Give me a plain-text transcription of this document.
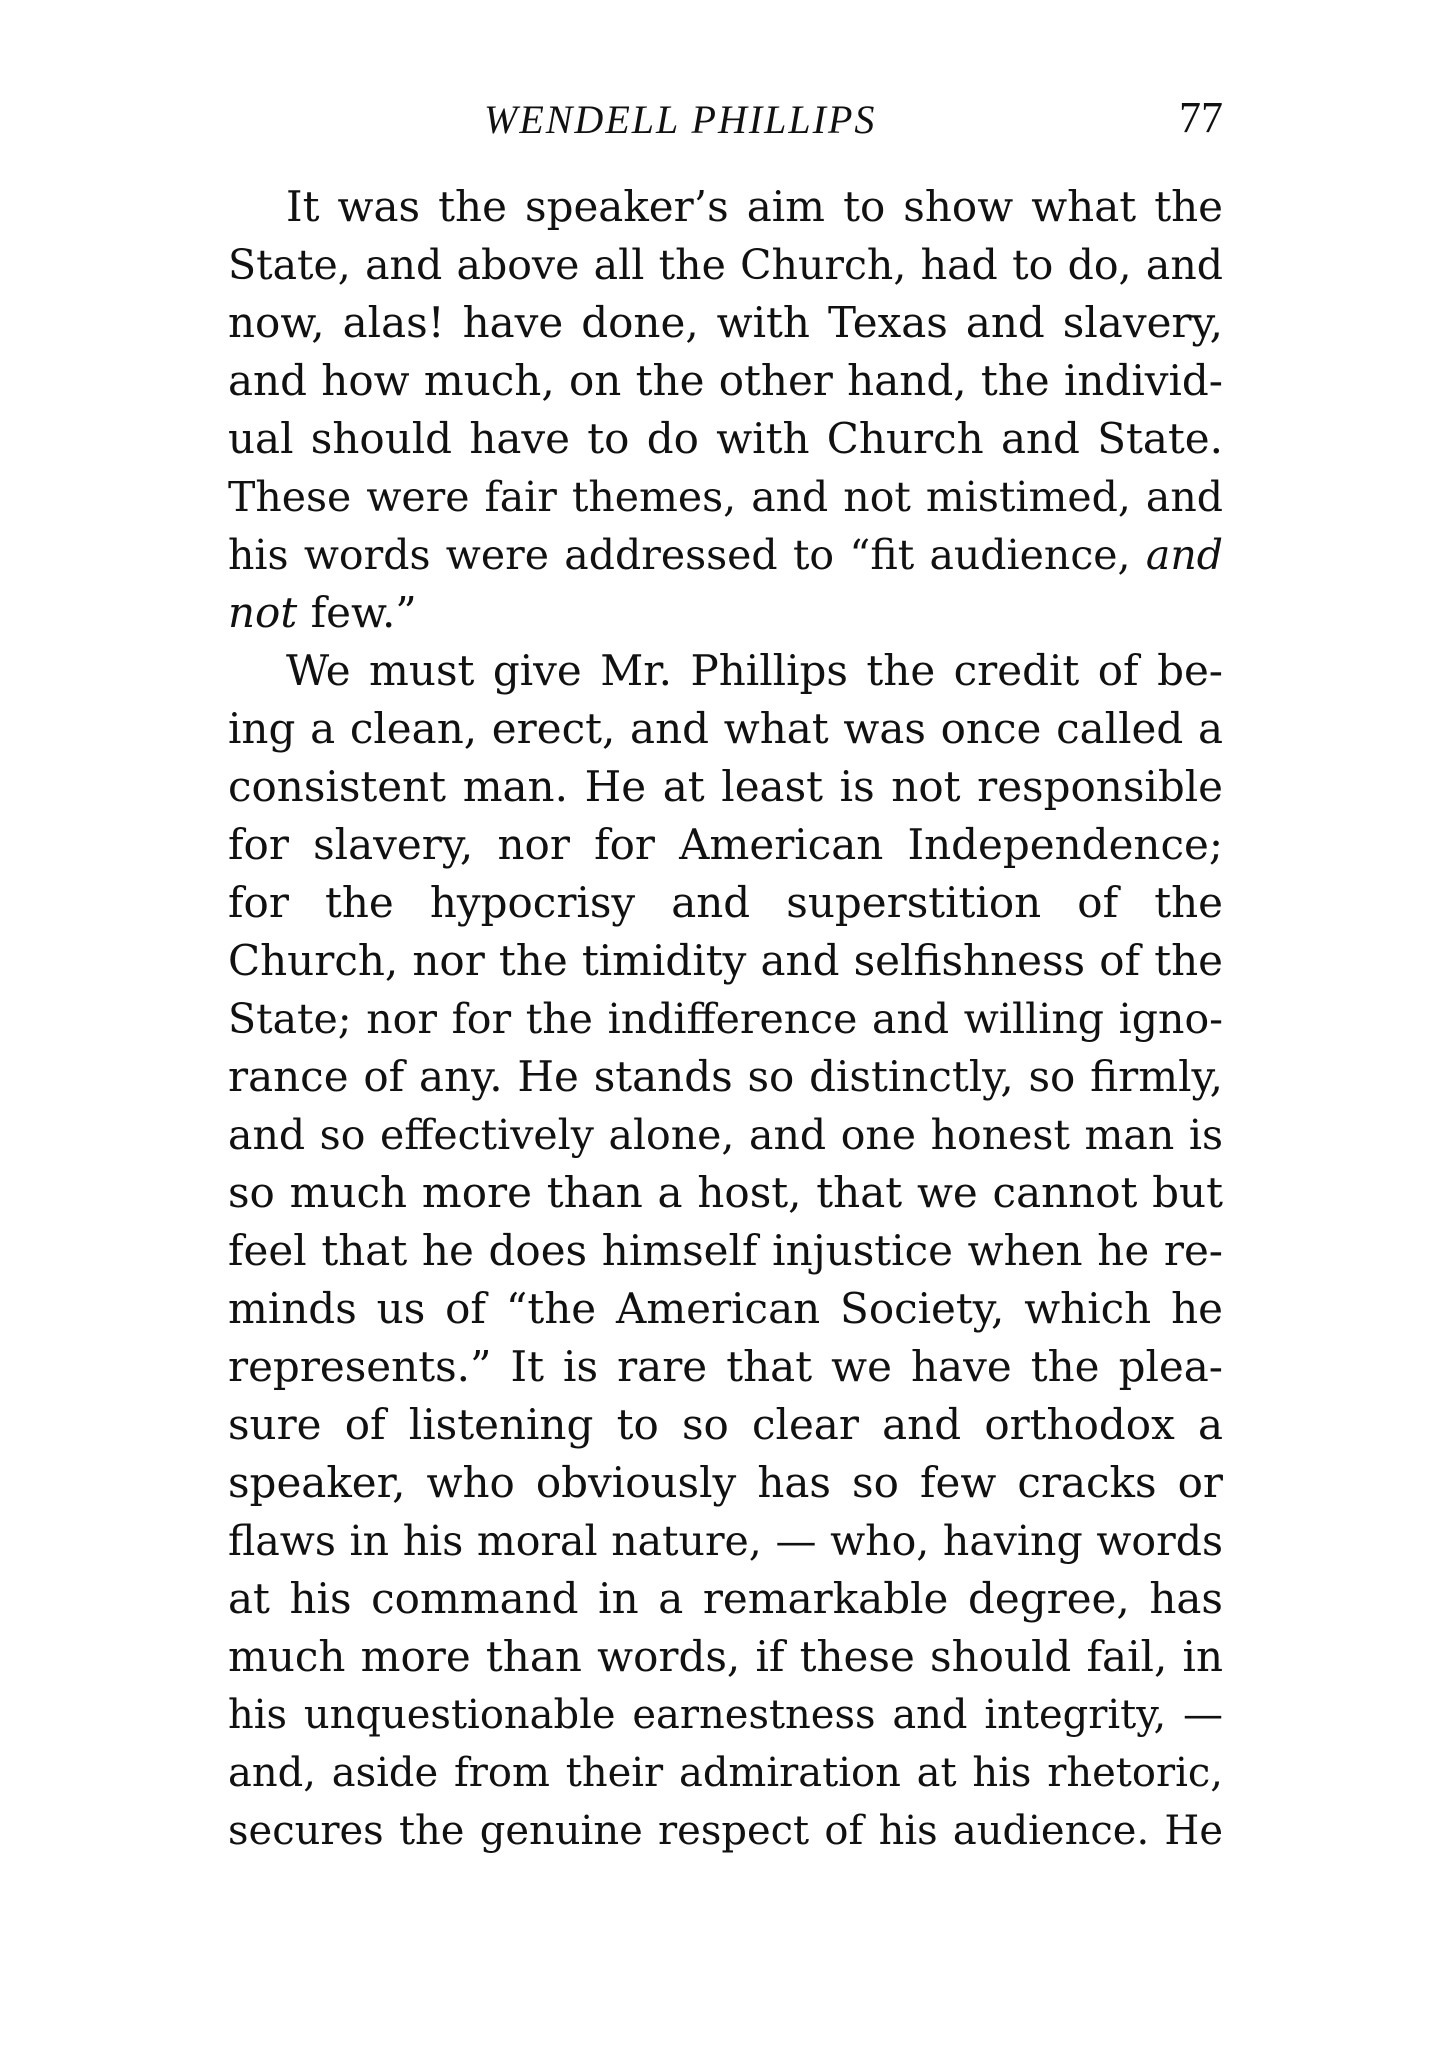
WENDELL PHILLIPS	77
It was the speaker’s aim to show what the
State, and above all the Church, had to do, and
now, alas! have done, with Texas and slavery,
and how much, on the other hand, the individ-
ual should have to do with Church and State.
These were fair themes, and not mistimed, and
his words were addressed to “fit audience, and
not few.”
We must give Mr. Phillips the credit of be-
ing a clean, erect, and what was once called a
consistent man. He at least is not responsible
for slavery, nor for American Independence;
for the hypocrisy and superstition of the
Church, nor the timidity and selfishness of the
State; nor for the indifference and willing igno-
rance of any. He stands so distinctly, so firmly,
and so effectively alone, and one honest man is
so much more than a host, that we cannot but
feel that he does himself injustice when he re-
minds us of “the American Society, which he
represents.” It is rare that we have the plea-
sure of listening to so clear and orthodox a
speaker, who obviously has so few cracks or
flaws in his moral nature, — who, having words
at his command in a remarkable degree, has
much more than words, if these should fail, in
his unquestionable earnestness and integrity, —
and, aside from their admiration at his rhetoric,
secures the genuine respect of his audience. He
